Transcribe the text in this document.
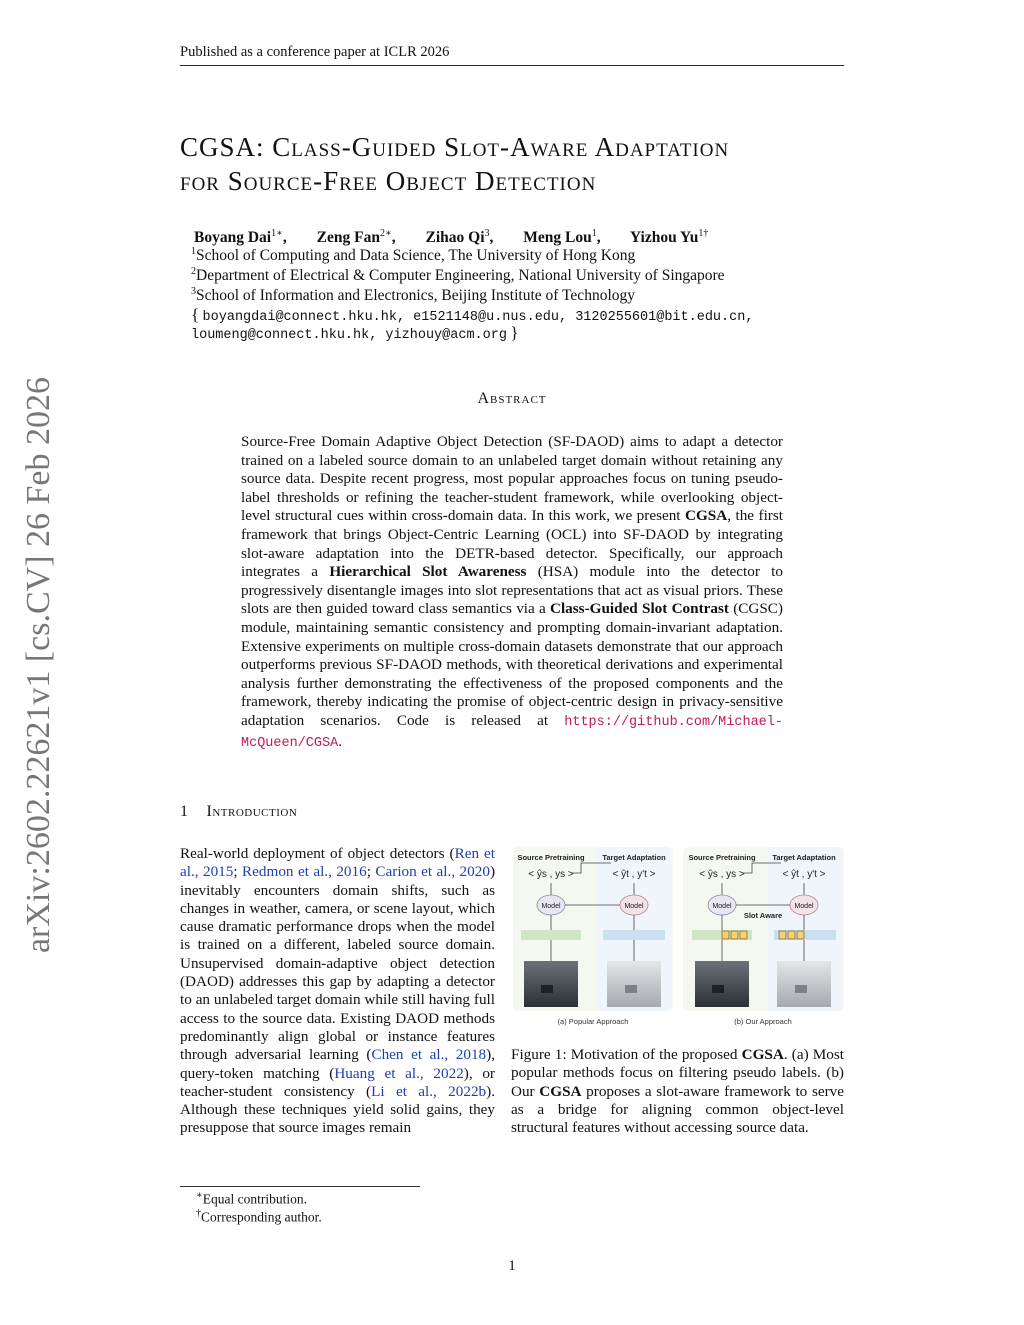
Published as a conference paper at ICLR 2026
arXiv:2602.22621v1 [cs.CV] 26 Feb 2026
CGSA: Class-Guided Slot-Aware Adaptation
for Source-Free Object Detection
Boyang Dai$^{1∗}$, Zeng Fan$^{2∗}$, Zihao Qi$^3$, Meng Lou$^1$, Yizhou $Yu^{1\dagger}$
$^1$School of Computing and Data Science, The University of Hong Kong
$^2$Department of Electrical & Computer Engineering, National University of Singapore
$^3$School of Information and Electronics, Beijing Institute of Technology
{ boyangdai@connect.hku.hk, e1521148@u.nus.edu, 3120255601@bit.edu.cn,
loumeng@connect.hku.hk, yizhouy@acm.org }
Abstract
Source-Free Domain Adaptive Object Detection (SF-DAOD) aims to adapt a detector trained on a labeled source domain to an unlabeled target domain without retaining any source data. Despite recent progress, most popular approaches focus on tuning pseudo-label thresholds or refining the teacher-student framework, while overlooking object-level structural cues within cross-domain data. In this work, we present CGSA, the first framework that brings Object-Centric Learning (OCL) into SF-DAOD by integrating slot-aware adaptation into the DETR-based detector. Specifically, our approach integrates a Hierarchical Slot Awareness (HSA) module into the detector to progressively disentangle images into slot representations that act as visual priors. These slots are then guided toward class semantics via a Class-Guided Slot Contrast (CGSC) module, maintaining semantic consistency and prompting domain-invariant adaptation. Extensive experiments on multiple cross-domain datasets demonstrate that our approach outperforms previous SF-DAOD methods, with theoretical derivations and experimental analysis further demonstrating the effectiveness of the proposed components and the framework, thereby indicating the promise of object-centric design in privacy-sensitive adaptation scenarios. Code is released at https://github.com/Michael-McQueen/CGSA.
1 Introduction
Real-world deployment of object detectors (Ren et al., 2015; Redmon et al., 2016; Carion et al., 2020) inevitably encounters domain shifts, such as changes in weather, camera, or scene layout, which cause dramatic performance drops when the model is trained on a different, labeled source domain. Unsupervised domain-adaptive object detection (DAOD) addresses this gap by adapting a detector to an unlabeled target domain while still having full access to the source data. Existing DAOD methods predominantly align global or instance features through adversarial learning (Chen et al., 2018), query-token matching (Huang et al., 2022), or teacher-student consistency (Li et al., 2022b). Although these techniques yield solid gains, they presuppose that source images remain
Source Pretraining Target Adaptation
< ŷs , ys >	< ŷt , y't >
Model	Model
Source Pretraining Target Adaptation
< ŷs , ys >	< ŷt , y't >
Model	Model
Slot Aware
(a) Popular Approach	(b) Our Approach
Figure 1: Motivation of the proposed CGSA. (a) Most popular methods focus on filtering pseudo labels. (b) Our CGSA proposes a slot-aware framework to serve as a bridge for aligning common object-level structural features without accessing source data.
∗Equal contribution.
†Corresponding author.
1
